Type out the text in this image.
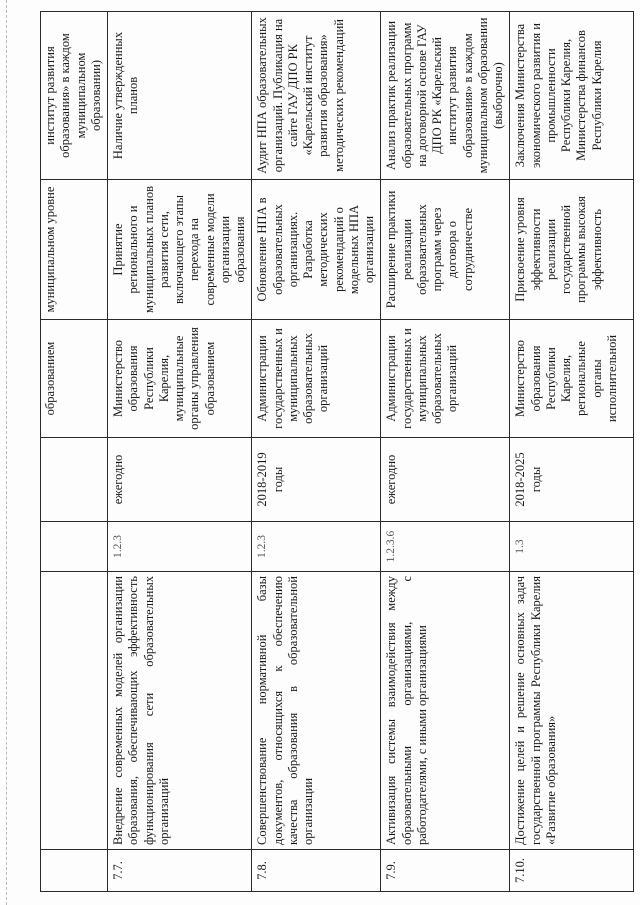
				образованием	муниципальном уровне	институт развития образования» в каждом муниципальном образовании)
7.7.	Внедрение современных моделей организации образования, обеспечивающих эффективность функционирования сети образовательных организаций	1.2.3	ежегодно	Министерство образования Республики Карелия, муниципальные органы управления образованием	Принятие регионального и муниципальных планов развития сети, включающего этапы перехода на современные модели организации образования	Наличие утвержденных планов
7.8.	Совершенствование нормативной базы документов, относящихся к обеспечению качества образования в образовательной организации	1.2.3	2018-2019 годы	Администрации государственных и муниципальных образовательных организаций	Обновление НПА в образовательных организациях. Разработка методических рекомендаций о модельных НПА организации	Аудит НПА образовательных организаций. Публикация на сайте ГАУ ДПО РК «Карельский институт развития образования» методических рекомендаций
7.9.	Активизация системы взаимодействия между образовательными организациями, с работодателями, с иными организациями	1.2.3.6	ежегодно	Администрации государственных и муниципальных образовательных организаций	Расширение практики реализации образовательных программ через договора о сотрудничестве	Анализ практик реализации образовательных программ на договорной основе ГАУ ДПО РК «Карельский институт развития образования» в каждом муниципальном образовании (выборочно)
7.10.	Достижение целей и решение основных задач государственной программы Республики Карелия «Развитие образования»	1.3	2018-2025 годы	Министерство образования Республики Карелия, региональные органы исполнительной	Присвоение уровня эффективности реализации государственной программы высокая эффективность	Заключения Министерства экономического развития и промышленности Республики Карелия, Министерства финансов Республики Карелия
